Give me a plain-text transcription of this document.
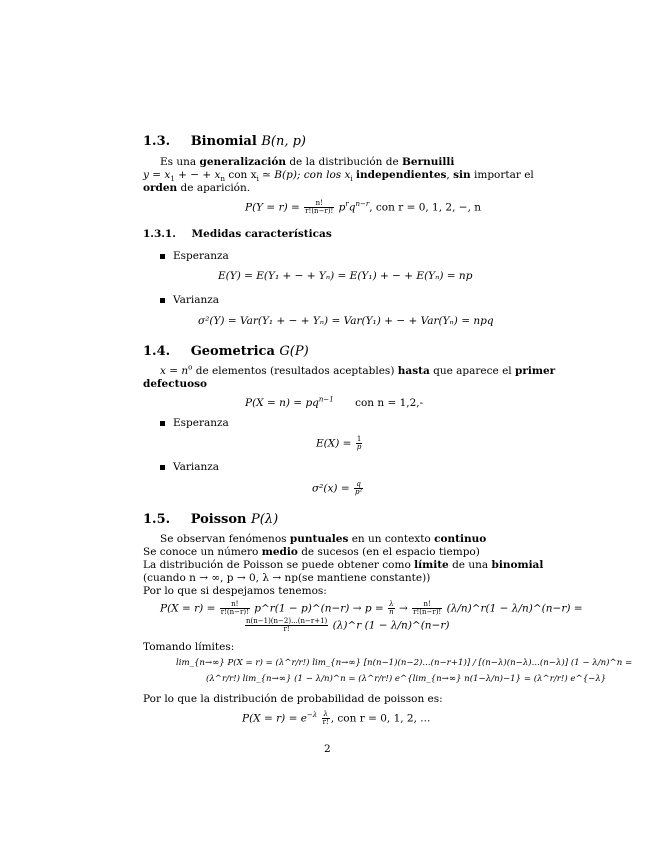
1.3. Binomial B(n, p)
Es una generalización de la distribución de Bernuilli
$y = x_1$ + − + $x_n$ con $x_i$ ≃ B(p); con los $x_i$ independientes, sin importar el
orden de aparición.
$P(Y = r) = \frac{n!}{r!(n-r)!} p^rq^{n-r}$, con r = 0, 1, 2, −, n
1.3.1. Medidas características
Esperanza
E(Y) = E(Y₁ + − + Yₙ) = E(Y₁) + − + E(Yₙ) = np
Varianza
σ²(Y) = Var(Y₁ + − + Yₙ) = Var(Y₁) + − + Var(Yₙ) = npq
1.4. Geometrica G(P)
$x = n^o$ de elementos (resultados aceptables) hasta que aparece el primer
defectuoso
$P(X = n) = pq^{n-1}$ con n = 1,2,-
Esperanza
$E(X) = \frac{1}{p}$
Varianza
$\sigma^2(x) = \frac{q}{\text{p²}}$
1.5. Poisson P(λ)
Se observan fenómenos puntuales en un contexto continuo
Se conoce un número medio de sucesos (en el espacio tiempo)
La distribución de Poisson se puede obtener como límite de una binomial
(cuando n → ∞, p → 0, λ → np(se mantiene constante))
Por lo que si despejamos tenemos:
$P(X = r) = \frac{n!}{r!(n-r)!}$ p^r(1 − p)^(n−r) → $p = \frac{\lambda}{n} \to \frac{n!}{r!(n-r)!}$ (λ/n)^r(1 − λ/n)^(n−r) =
$\frac{n(n-1)(n-2)...(n-r+1)}{r!}$ (λ)^r (1 − λ/n)^(n−r)
Tomando límites:
lim_{n→∞} P(X = r) = (λ^r/r!) lim_{n→∞} [n(n−1)(n−2)...(n−r+1)] / [(n−λ)(n−λ)...(n−λ)] (1 − λ/n)^n =
(λ^r/r!) lim_{n→∞} (1 − λ/n)^n = (λ^r/r!) e^{lim_{n→∞} n(1−λ/n)−1} = (λ^r/r!) e^{−λ}
Por lo que la distribución de probabilidad de poisson es:
$P(X = r) = e^{-\lambda} \frac{\lambda}{r!}$ , con r = 0, 1, 2, ...
2
